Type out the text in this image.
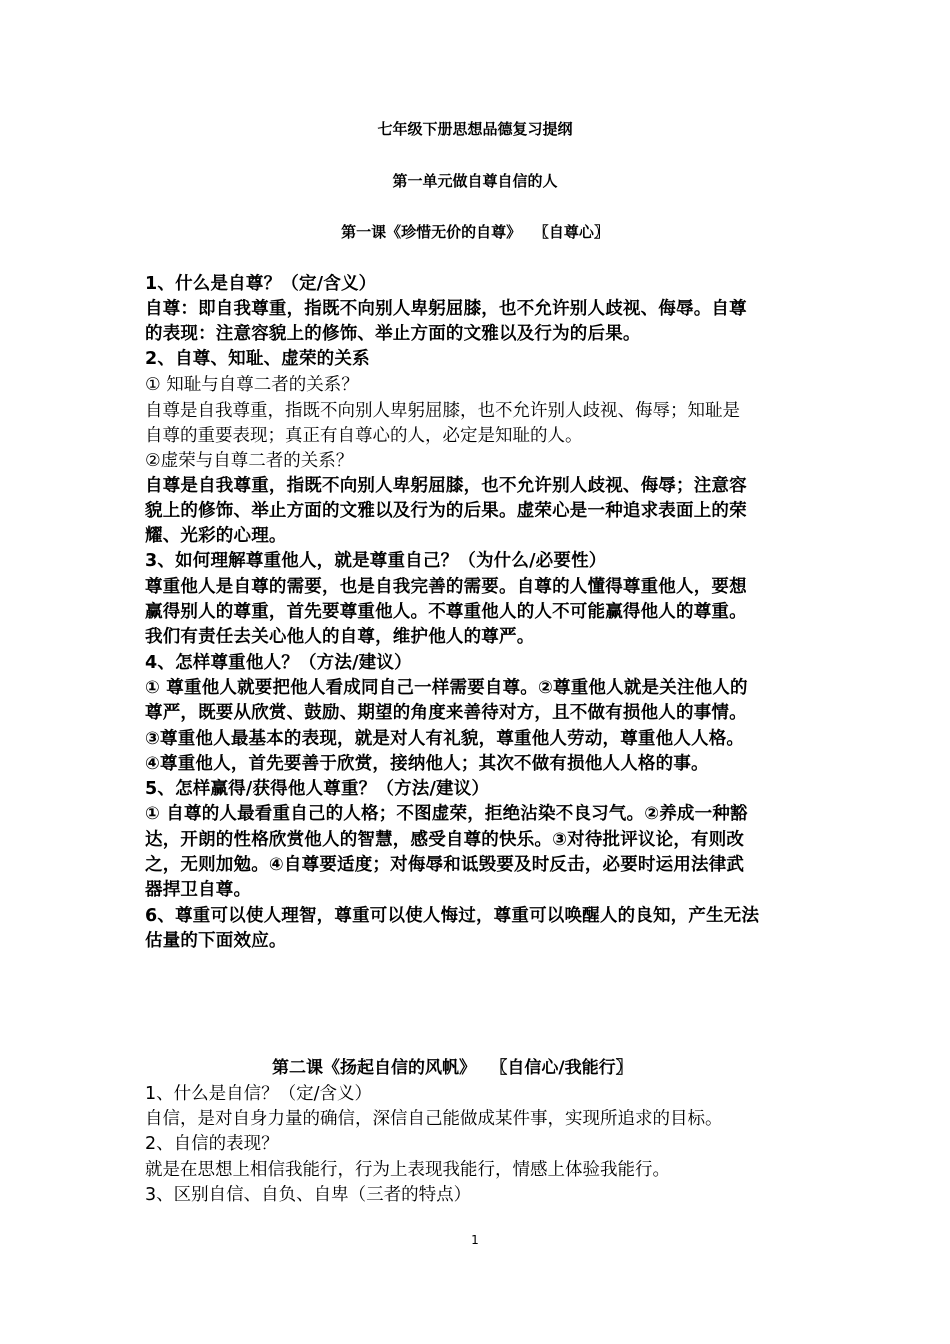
七年级下册思想品德复习提纲
第一单元做自尊自信的人
第一课《珍惜无价的自尊》　 〖自尊心〗
1、什么是自尊？（定/含义）
自尊：即自我尊重，指既不向别人卑躬屈膝，也不允许别人歧视、侮辱。自尊
的表现：注意容貌上的修饰、举止方面的文雅以及行为的后果。
2、自尊、知耻、虚荣的关系
① 知耻与自尊二者的关系？
自尊是自我尊重，指既不向别人卑躬屈膝，也不允许别人歧视、侮辱；知耻是
自尊的重要表现；真正有自尊心的人，必定是知耻的人。
②虚荣与自尊二者的关系？
自尊是自我尊重，指既不向别人卑躬屈膝，也不允许别人歧视、侮辱；注意容
貌上的修饰、举止方面的文雅以及行为的后果。虚荣心是一种追求表面上的荣
耀、光彩的心理。
3、如何理解尊重他人，就是尊重自己？（为什么/必要性）
尊重他人是自尊的需要，也是自我完善的需要。自尊的人懂得尊重他人，要想
赢得别人的尊重，首先要尊重他人。不尊重他人的人不可能赢得他人的尊重。
我们有责任去关心他人的自尊，维护他人的尊严。
4、怎样尊重他人？（方法/建议）
① 尊重他人就要把他人看成同自己一样需要自尊。②尊重他人就是关注他人的
尊严，既要从欣赏、鼓励、期望的角度来善待对方，且不做有损他人的事情。
③尊重他人最基本的表现，就是对人有礼貌，尊重他人劳动，尊重他人人格。
④尊重他人，首先要善于欣赏，接纳他人；其次不做有损他人人格的事。
5、怎样赢得/获得他人尊重？（方法/建议）
① 自尊的人最看重自己的人格；不图虚荣，拒绝沾染不良习气。②养成一种豁
达，开朗的性格欣赏他人的智慧，感受自尊的快乐。③对待批评议论，有则改
之，无则加勉。④自尊要适度；对侮辱和诋毁要及时反击，必要时运用法律武
器捍卫自尊。
6、尊重可以使人理智，尊重可以使人悔过，尊重可以唤醒人的良知，产生无法
估量的下面效应。
第二课《扬起自信的风帆》　 〖自信心/我能行〗
1、什么是自信？（定/含义）
自信，是对自身力量的确信，深信自己能做成某件事，实现所追求的目标。
2、自信的表现？
就是在思想上相信我能行，行为上表现我能行，情感上体验我能行。
3、区别自信、自负、自卑（三者的特点）
1
